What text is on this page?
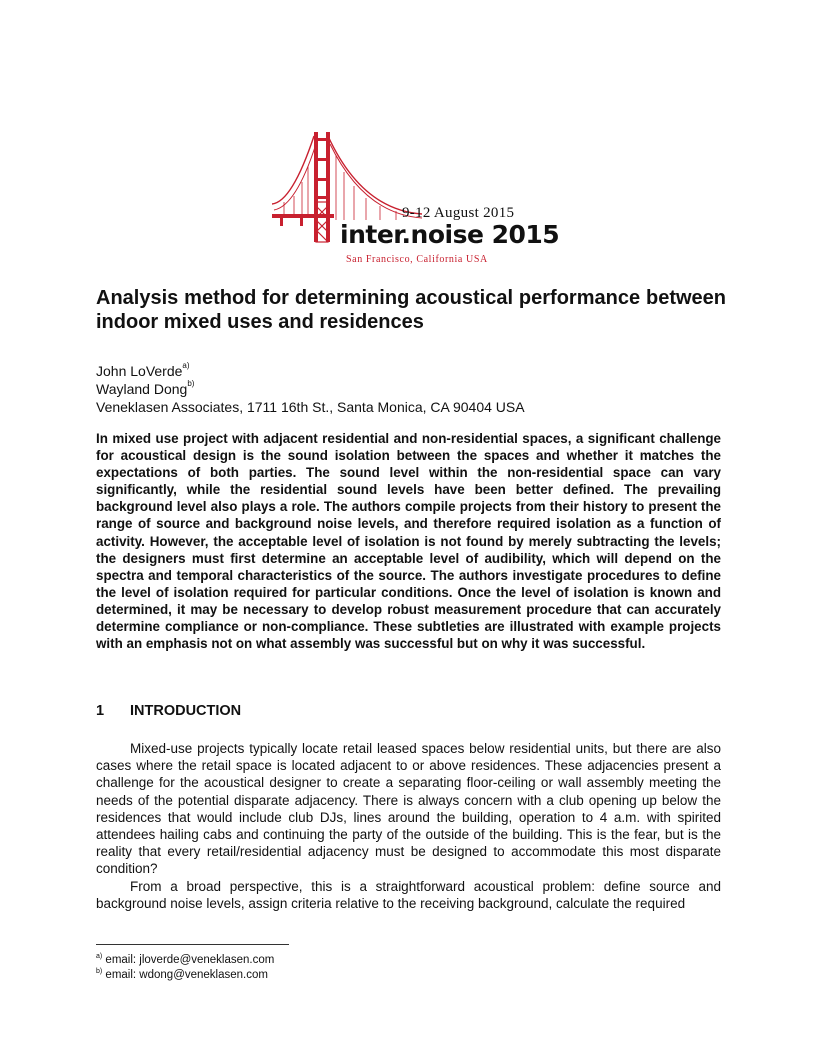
9-12 August 2015
inter.noise 2015
San Francisco, California USA
Analysis method for determining acoustical performance between indoor mixed uses and residences
John LoVerde$^{a)}$
Wayland Dong$^{b)}$
Veneklasen Associates, 1711 16th St., Santa Monica, CA 90404 USA
In mixed use project with adjacent residential and non-residential spaces, a significant challenge for acoustical design is the sound isolation between the spaces and whether it matches the expectations of both parties. The sound level within the non-residential space can vary significantly, while the residential sound levels have been better defined. The prevailing background level also plays a role. The authors compile projects from their history to present the range of source and background noise levels, and therefore required isolation as a function of activity. However, the acceptable level of isolation is not found by merely subtracting the levels; the designers must first determine an acceptable level of audibility, which will depend on the spectra and temporal characteristics of the source. The authors investigate procedures to define the level of isolation required for particular conditions. Once the level of isolation is known and determined, it may be necessary to develop robust measurement procedure that can accurately determine compliance or non-compliance. These subtleties are illustrated with example projects with an emphasis not on what assembly was successful but on why it was successful.
1 INTRODUCTION

Mixed-use projects typically locate retail leased spaces below residential units, but there are also cases where the retail space is located adjacent to or above residences. These adjacencies present a challenge for the acoustical designer to create a separating floor-ceiling or wall assembly meeting the needs of the potential disparate adjacency. There is always concern with a club opening up below the residences that would include club DJs, lines around the building, operation to 4 a.m. with spirited attendees hailing cabs and continuing the party of the outside of the building. This is the fear, but is the reality that every retail/residential adjacency must be designed to accommodate this most disparate condition?

From a broad perspective, this is a straightforward acoustical problem: define source and background noise levels, assign criteria relative to the receiving background, calculate the required

$^{a)}$ email: jloverde@veneklasen.com
$^{b)}$ email: wdong@veneklasen.com
